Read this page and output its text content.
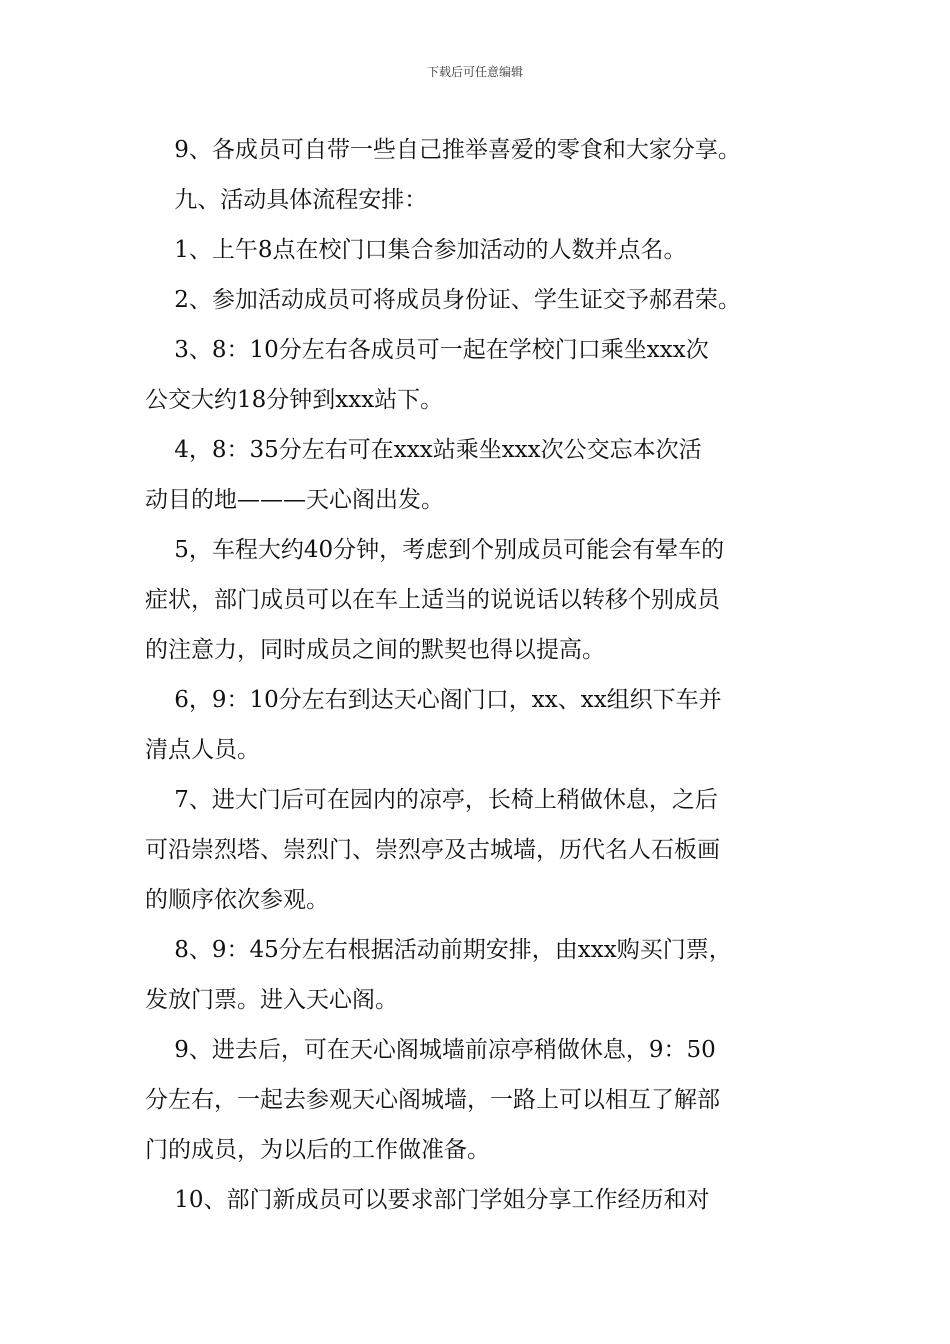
下载后可任意编辑

9、各成员可自带一些自己推举喜爱的零食和大家分享。

九、活动具体流程安排：

1、上午8点在校门口集合参加活动的人数并点名。

2、参加活动成员可将成员身份证、学生证交予郝君荣。

3、8：10分左右各成员可一起在学校门口乘坐xxx次

公交大约18分钟到xxx站下。

4，8：35分左右可在xxx站乘坐xxx次公交忘本次活

动目的地———天心阁出发。

5，车程大约40分钟，考虑到个别成员可能会有晕车的

症状，部门成员可以在车上适当的说说话以转移个别成员

的注意力，同时成员之间的默契也得以提高。

6，9：10分左右到达天心阁门口，xx、xx组织下车并

清点人员。

7、进大门后可在园内的凉亭，长椅上稍做休息，之后

可沿崇烈塔、崇烈门、崇烈亭及古城墙，历代名人石板画

的顺序依次参观。

8、9：45分左右根据活动前期安排，由xxx购买门票，

发放门票。进入天心阁。

9、进去后，可在天心阁城墙前凉亭稍做休息，9：50

分左右，一起去参观天心阁城墙，一路上可以相互了解部

门的成员，为以后的工作做准备。

10、部门新成员可以要求部门学姐分享工作经历和对
